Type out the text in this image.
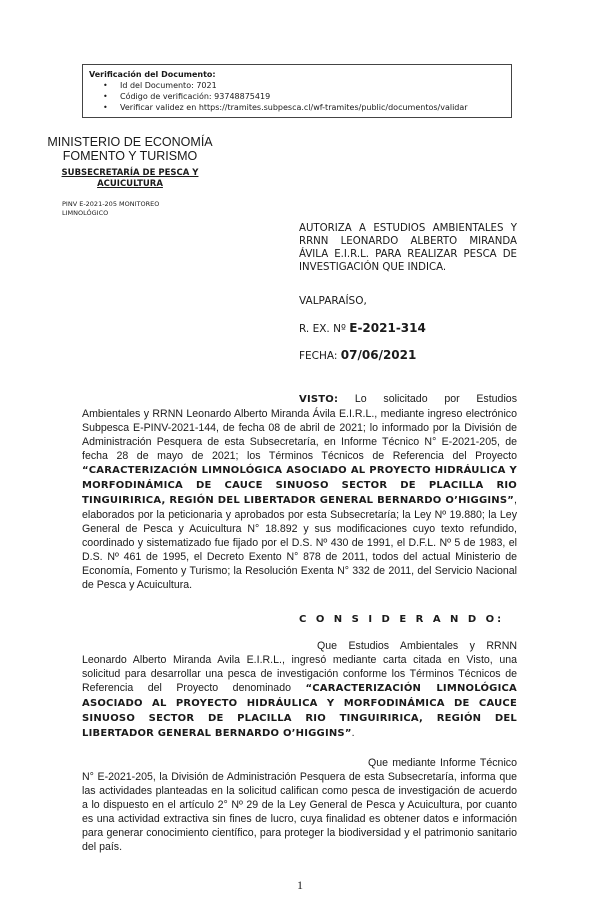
Verificación del Documento:
• Id del Documento: 7021
• Código de verificación: 93748875419
• Verificar validez en https://tramites.subpesca.cl/wf-tramites/public/documentos/validar
MINISTERIO DE ECONOMÍA
FOMENTO Y TURISMO
SUBSECRETARÍA DE PESCA Y ACUICULTURA
PINV E-2021-205 MONITOREO
LIMNOLÓGICO
AUTORIZA A ESTUDIOS AMBIENTALES Y RRNN LEONARDO ALBERTO MIRANDA ÁVILA E.I.R.L. PARA REALIZAR PESCA DE INVESTIGACIÓN QUE INDICA.
VALPARAÍSO,
R. EX. Nº E-2021-314
FECHA: 07/06/2021
VISTO: Lo solicitado por Estudios Ambientales y RRNN Leonardo Alberto Miranda Ávila E.I.R.L., mediante ingreso electrónico Subpesca E-PINV-2021-144, de fecha 08 de abril de 2021; lo informado por la División de Administración Pesquera de esta Subsecretaría, en Informe Técnico N° E-2021-205, de fecha 28 de mayo de 2021; los Términos Técnicos de Referencia del Proyecto “CARACTERIZACIÓN LIMNOLÓGICA ASOCIADO AL PROYECTO HIDRÁULICA Y MORFODINÁMICA DE CAUCE SINUOSO SECTOR DE PLACILLA RIO TINGUIRIRICA, REGIÓN DEL LIBERTADOR GENERAL BERNARDO O’HIGGINS”, elaborados por la peticionaria y aprobados por esta Subsecretaría; la Ley Nº 19.880; la Ley General de Pesca y Acuicultura N° 18.892 y sus modificaciones cuyo texto refundido, coordinado y sistematizado fue fijado por el D.S. Nº 430 de 1991, el D.F.L. Nº 5 de 1983, el D.S. Nº 461 de 1995, el Decreto Exento N° 878 de 2011, todos del actual Ministerio de Economía, Fomento y Turismo; la Resolución Exenta N° 332 de 2011, del Servicio Nacional de Pesca y Acuicultura.
C O N S I D E R A N D O:
Que Estudios Ambientales y RRNN Leonardo Alberto Miranda Avila E.I.R.L., ingresó mediante carta citada en Visto, una solicitud para desarrollar una pesca de investigación conforme los Términos Técnicos de Referencia del Proyecto denominado “CARACTERIZACIÓN LIMNOLÓGICA ASOCIADO AL PROYECTO HIDRÁULICA Y MORFODINÁMICA DE CAUCE SINUOSO SECTOR DE PLACILLA RIO TINGUIRIRICA, REGIÓN DEL LIBERTADOR GENERAL BERNARDO O’HIGGINS”.
Que mediante Informe Técnico N° E-2021-205, la División de Administración Pesquera de esta Subsecretaría, informa que las actividades planteadas en la solicitud califican como pesca de investigación de acuerdo a lo dispuesto en el artículo 2° Nº 29 de la Ley General de Pesca y Acuicultura, por cuanto es una actividad extractiva sin fines de lucro, cuya finalidad es obtener datos e información para generar conocimiento científico, para proteger la biodiversidad y el patrimonio sanitario del país.
1
